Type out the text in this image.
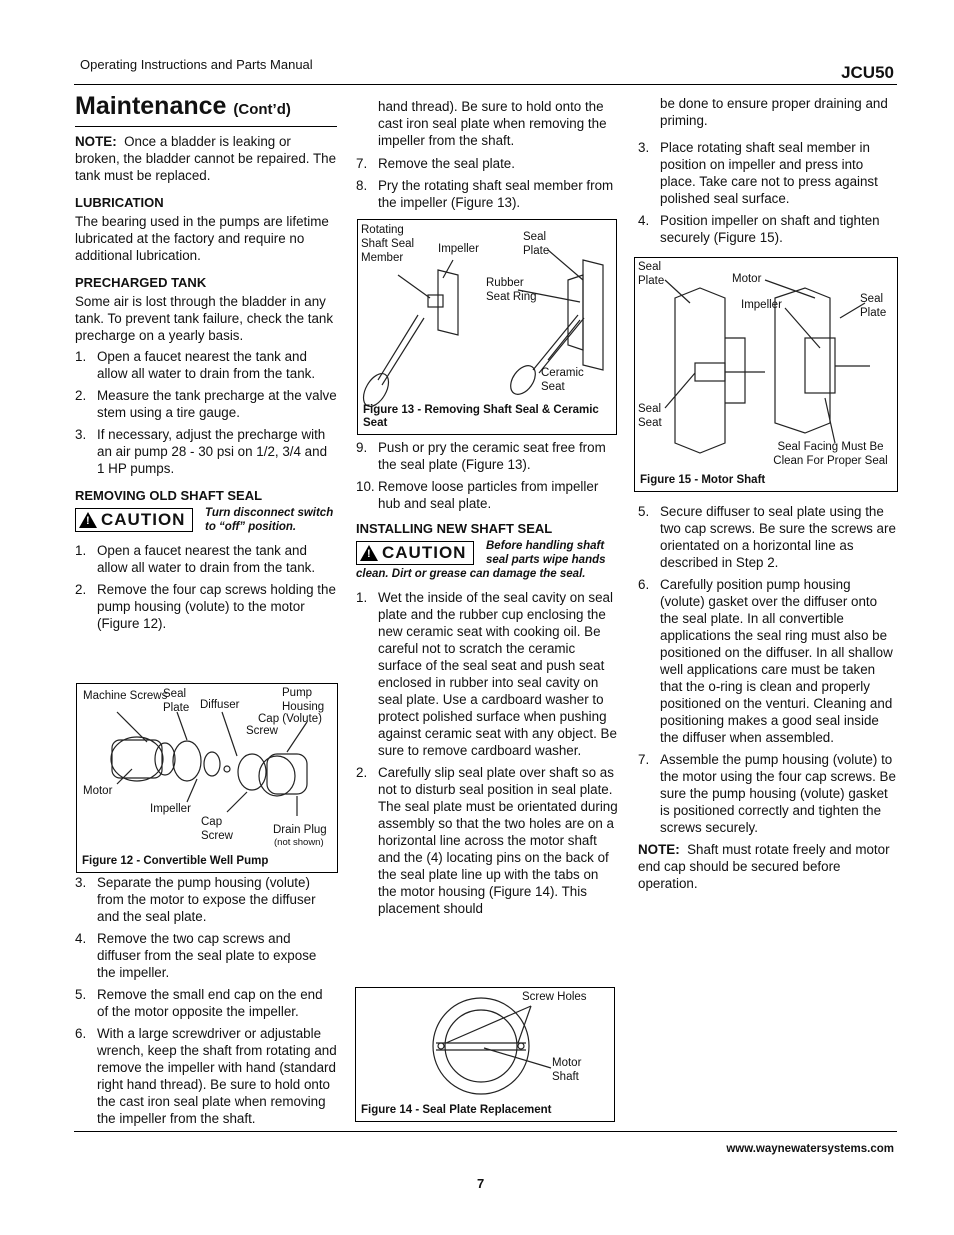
Operating Instructions and Parts Manual	JCU50
Maintenance (Cont’d)

NOTE: Once a bladder is leaking or broken, the bladder cannot be repaired. The tank must be replaced.

LUBRICATION

The bearing used in the pumps are lifetime lubricated at the factory and require no additional lubrication.

PRECHARGED TANK

Some air is lost through the bladder in any tank. To prevent tank failure, check the tank precharge on a yearly basis.

1. Open a faucet nearest the tank and allow all water to drain from the tank.
2. Measure the tank precharge at the valve stem using a tire gauge.
3. If necessary, adjust the precharge with an air pump 28 - 30 psi on 1/2, 3/4 and 1 HP pumps.
REMOVING OLD SHAFT SEAL
!
CAUTION Turn disconnect switch to “off” position.
1. Open a faucet nearest the tank and allow all water to drain from the tank.
2. Remove the four cap screws holding the pump housing (volute) to the motor (Figure 12).
Machine Screws
Seal Plate Diffuser
Pump Housing
Cap (Volute)
Screw
Motor
Impeller
Cap Screw	Drain Plug
(not shown)
Figure 12 - Convertible Well Pump
3. Separate the pump housing (volute) from the motor to expose the diffuser and the seal plate.
4. Remove the two cap screws and diffuser from the seal plate to expose the impeller.
5. Remove the small end cap on the end of the motor opposite the impeller.
6. With a large screwdriver or adjustable wrench, keep the shaft from rotating and remove the impeller with hand (standard right hand thread). Be sure to hold onto the cast iron seal plate when removing the impeller from the shaft.
hand thread). Be sure to hold onto the cast iron seal plate when removing the impeller from the shaft.
7. Remove the seal plate.
8. Pry the rotating shaft seal member from the impeller (Figure 13).
Rotating Shaft Seal Member
Impeller
Seal Plate
Rubber Seat Ring
Ceramic Seat
Figure 13 - Removing Shaft Seal & Ceramic Seat
9. Push or pry the ceramic seat free from the seal plate (Figure 13).
10. Remove loose particles from impeller hub and seal plate.
INSTALLING NEW SHAFT SEAL
!
CAUTION Before handling shaft seal parts wipe hands clean. Dirt or grease can damage the seal.
1. Wet the inside of the seal cavity on seal plate and the rubber cup enclosing the new ceramic seat with cooking oil. Be careful not to scratch the ceramic surface of the seal seat and push seat enclosed in rubber into seal cavity on seal plate. Use a cardboard washer to protect polished surface when pushing against ceramic seat with any object. Be sure to remove cardboard washer.
2. Carefully slip seal plate over shaft so as not to disturb seal position in seal plate. The seal plate must be orientated during assembly so that the two holes are on a horizontal line across the motor shaft and the (4) locating pins on the back of the seal plate line up with the tabs on the motor housing (Figure 14). This placement should
Screw Holes
Motor Shaft
Figure 14 - Seal Plate Replacement
be done to ensure proper draining and priming.
3. Place rotating shaft seal member in position on impeller and press into place. Take care not to press against polished seal surface.
4. Position impeller on shaft and tighten securely (Figure 15).
Seal Plate	Motor
Impeller	Seal Plate
Seal Seat
Seal Facing Must Be Clean For Proper Seal
Figure 15 - Motor Shaft
5. Secure diffuser to seal plate using the two cap screws. Be sure the screws are orientated on a horizontal line as described in Step 2.
6. Carefully position pump housing (volute) gasket over the diffuser onto the seal plate. In all convertible applications the seal ring must also be positioned on the diffuser. In all shallow well applications care must be taken that the o-ring is clean and properly positioned on the venturi. Cleaning and positioning makes a good seal inside the diffuser when assembled.
7. Assemble the pump housing (volute) to the motor using the four cap screws. Be sure the pump housing (volute) gasket is positioned correctly and tighten the screws securely.

NOTE: Shaft must rotate freely and motor end cap should be secured before operation.

www.waynewatersystems.com
7
